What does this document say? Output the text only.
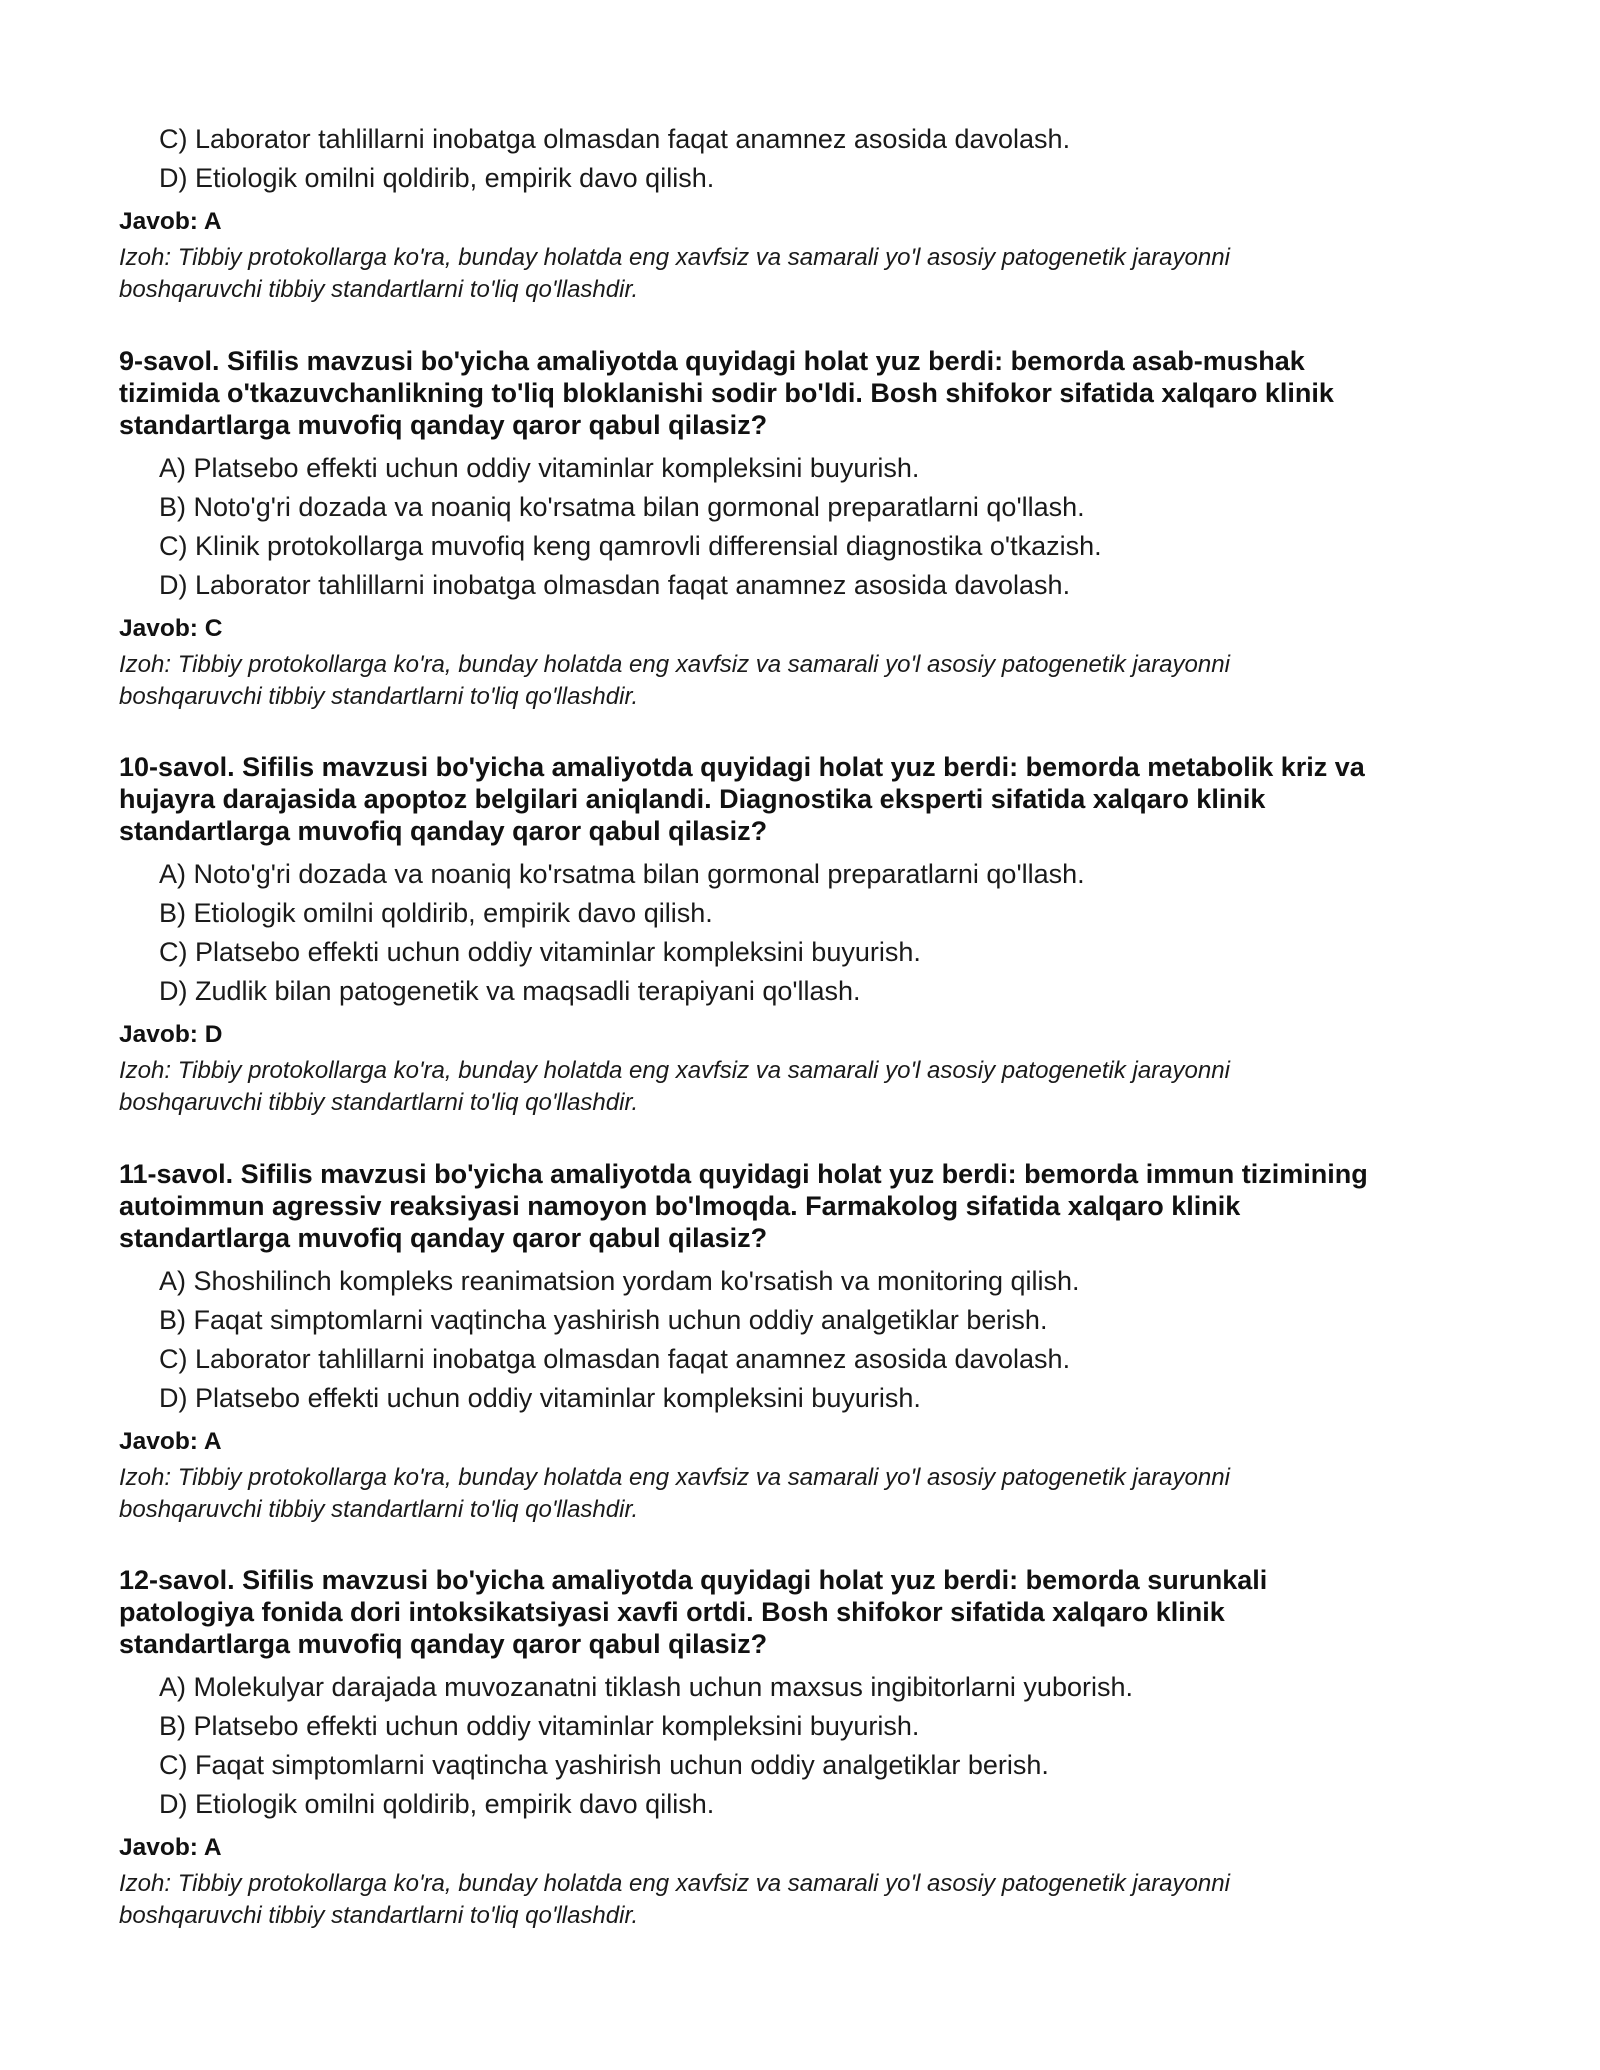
C) Laborator tahlillarni inobatga olmasdan faqat anamnez asosida davolash.
D) Etiologik omilni qoldirib, empirik davo qilish.
Javob: A
Izoh: Tibbiy protokollarga ko'ra, bunday holatda eng xavfsiz va samarali yo'l asosiy patogenetik jarayonni
boshqaruvchi tibbiy standartlarni to'liq qo'llashdir.
9-savol. Sifilis mavzusi bo'yicha amaliyotda quyidagi holat yuz berdi: bemorda asab-mushak
tizimida o'tkazuvchanlikning to'liq bloklanishi sodir bo'ldi. Bosh shifokor sifatida xalqaro klinik
standartlarga muvofiq qanday qaror qabul qilasiz?
A) Platsebo effekti uchun oddiy vitaminlar kompleksini buyurish.
B) Noto'g'ri dozada va noaniq ko'rsatma bilan gormonal preparatlarni qo'llash.
C) Klinik protokollarga muvofiq keng qamrovli differensial diagnostika o'tkazish.
D) Laborator tahlillarni inobatga olmasdan faqat anamnez asosida davolash.
Javob: C
Izoh: Tibbiy protokollarga ko'ra, bunday holatda eng xavfsiz va samarali yo'l asosiy patogenetik jarayonni
boshqaruvchi tibbiy standartlarni to'liq qo'llashdir.
10-savol. Sifilis mavzusi bo'yicha amaliyotda quyidagi holat yuz berdi: bemorda metabolik kriz va
hujayra darajasida apoptoz belgilari aniqlandi. Diagnostika eksperti sifatida xalqaro klinik
standartlarga muvofiq qanday qaror qabul qilasiz?
A) Noto'g'ri dozada va noaniq ko'rsatma bilan gormonal preparatlarni qo'llash.
B) Etiologik omilni qoldirib, empirik davo qilish.
C) Platsebo effekti uchun oddiy vitaminlar kompleksini buyurish.
D) Zudlik bilan patogenetik va maqsadli terapiyani qo'llash.
Javob: D
Izoh: Tibbiy protokollarga ko'ra, bunday holatda eng xavfsiz va samarali yo'l asosiy patogenetik jarayonni
boshqaruvchi tibbiy standartlarni to'liq qo'llashdir.
11-savol. Sifilis mavzusi bo'yicha amaliyotda quyidagi holat yuz berdi: bemorda immun tizimining
autoimmun agressiv reaksiyasi namoyon bo'lmoqda. Farmakolog sifatida xalqaro klinik
standartlarga muvofiq qanday qaror qabul qilasiz?
A) Shoshilinch kompleks reanimatsion yordam ko'rsatish va monitoring qilish.
B) Faqat simptomlarni vaqtincha yashirish uchun oddiy analgetiklar berish.
C) Laborator tahlillarni inobatga olmasdan faqat anamnez asosida davolash.
D) Platsebo effekti uchun oddiy vitaminlar kompleksini buyurish.
Javob: A
Izoh: Tibbiy protokollarga ko'ra, bunday holatda eng xavfsiz va samarali yo'l asosiy patogenetik jarayonni
boshqaruvchi tibbiy standartlarni to'liq qo'llashdir.
12-savol. Sifilis mavzusi bo'yicha amaliyotda quyidagi holat yuz berdi: bemorda surunkali
patologiya fonida dori intoksikatsiyasi xavfi ortdi. Bosh shifokor sifatida xalqaro klinik
standartlarga muvofiq qanday qaror qabul qilasiz?
A) Molekulyar darajada muvozanatni tiklash uchun maxsus ingibitorlarni yuborish.
B) Platsebo effekti uchun oddiy vitaminlar kompleksini buyurish.
C) Faqat simptomlarni vaqtincha yashirish uchun oddiy analgetiklar berish.
D) Etiologik omilni qoldirib, empirik davo qilish.
Javob: A
Izoh: Tibbiy protokollarga ko'ra, bunday holatda eng xavfsiz va samarali yo'l asosiy patogenetik jarayonni
boshqaruvchi tibbiy standartlarni to'liq qo'llashdir.
